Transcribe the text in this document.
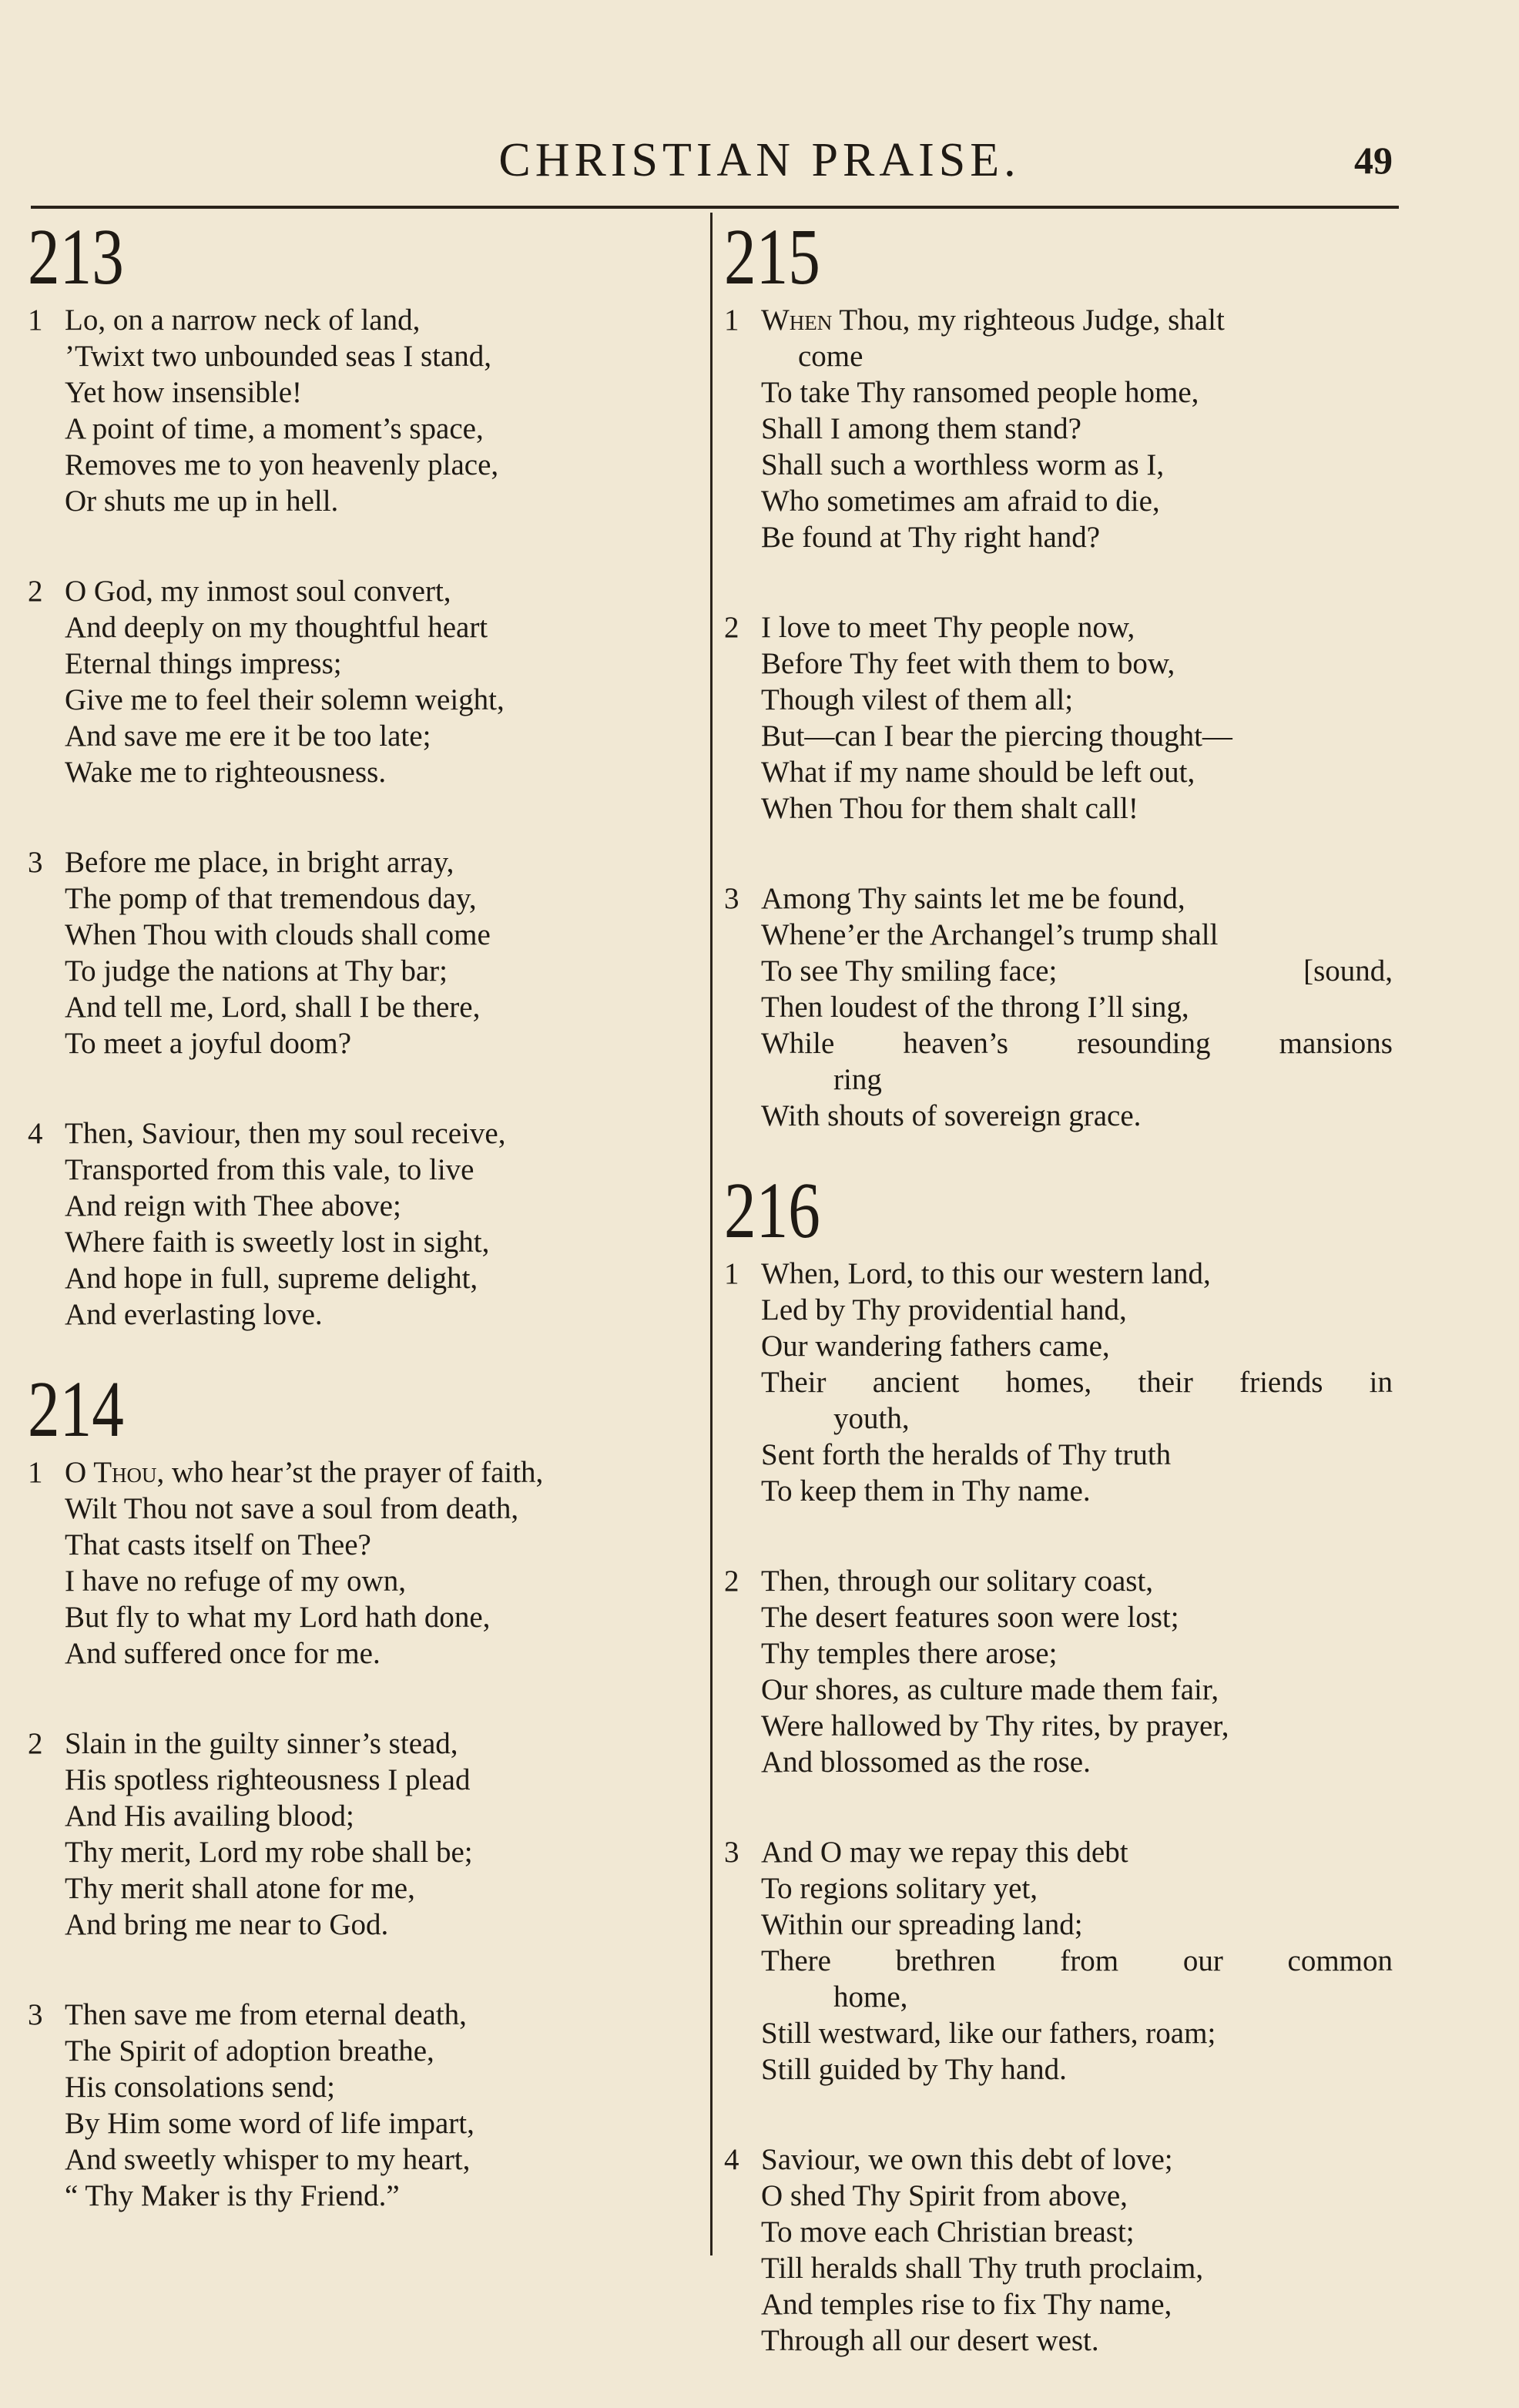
CHRISTIAN PRAISE.	49
213
1 Lo, on a narrow neck of land,
’Twixt two unbounded seas I stand,
Yet how insensible!
A point of time, a moment’s space,
Removes me to yon heavenly place,
Or shuts me up in hell.
2 O God, my inmost soul convert,
And deeply on my thoughtful heart
Eternal things impress;
Give me to feel their solemn weight,
And save me ere it be too late;
Wake me to righteousness.
3 Before me place, in bright array,
The pomp of that tremendous day,
When Thou with clouds shall come
To judge the nations at Thy bar;
And tell me, Lord, shall I be there,
To meet a joyful doom?
4 Then, Saviour, then my soul receive,
Transported from this vale, to live
And reign with Thee above;
Where faith is sweetly lost in sight,
And hope in full, supreme delight,
And everlasting love.
214
1 O Thou, who hear’st the prayer of faith,
Wilt Thou not save a soul from death,
That casts itself on Thee?
I have no refuge of my own,
But fly to what my Lord hath done,
And suffered once for me.
2 Slain in the guilty sinner’s stead,
His spotless righteousness I plead
And His availing blood;
Thy merit, Lord my robe shall be;
Thy merit shall atone for me,
And bring me near to God.
3 Then save me from eternal death,
The Spirit of adoption breathe,
His consolations send;
By Him some word of life impart,
And sweetly whisper to my heart,
“ Thy Maker is thy Friend.”
215
1 When Thou, my righteous Judge, shalt
come
To take Thy ransomed people home,
Shall I among them stand?
Shall such a worthless worm as I,
Who sometimes am afraid to die,
Be found at Thy right hand?
2 I love to meet Thy people now,
Before Thy feet with them to bow,
Though vilest of them all;
But—can I bear the piercing thought—
What if my name should be left out,
When Thou for them shalt call!
3 Among Thy saints let me be found,
Whene’er the Archangel’s trump shall
To see Thy smiling face;	[sound,
Then loudest of the throng I’ll sing,
While heaven’s resounding mansions
ring
With shouts of sovereign grace.
216
1 When, Lord, to this our western land,
Led by Thy providential hand,
Our wandering fathers came,
Their ancient homes, their friends in
youth,
Sent forth the heralds of Thy truth
To keep them in Thy name.
2 Then, through our solitary coast,
The desert features soon were lost;
Thy temples there arose;
Our shores, as culture made them fair,
Were hallowed by Thy rites, by prayer,
And blossomed as the rose.
3 And O may we repay this debt
To regions solitary yet,
Within our spreading land;
There brethren from our common
home,
Still westward, like our fathers, roam;
Still guided by Thy hand.
4 Saviour, we own this debt of love;
O shed Thy Spirit from above,
To move each Christian breast;
Till heralds shall Thy truth proclaim,
And temples rise to fix Thy name,
Through all our desert west.
